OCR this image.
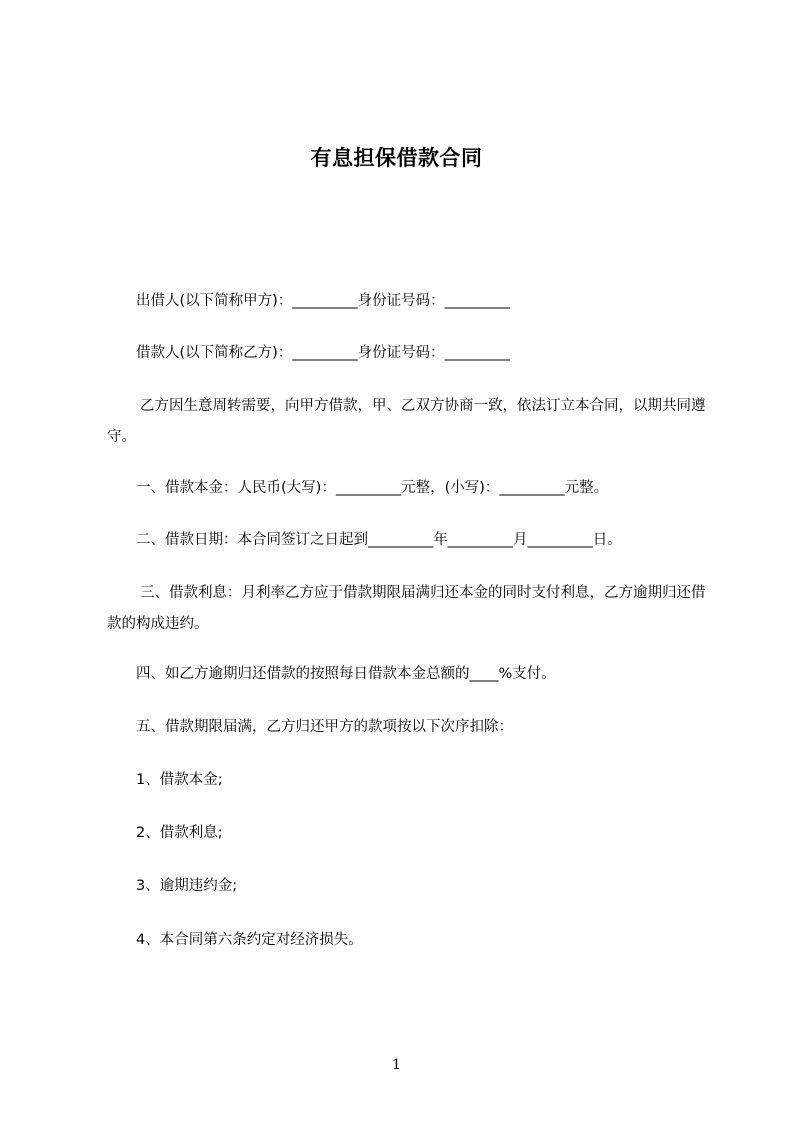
有息担保借款合同

出借人(以下简称甲方)：_________身份证号码：_________

借款人(以下简称乙方)：_________身份证号码：_________

乙方因生意周转需要，向甲方借款，甲、乙双方协商一致，依法订立本合同，以期共同遵守。

一、借款本金：人民币(大写)：_________元整，(小写)：_________元整。

二、借款日期：本合同签订之日起到_________年_________月_________日。

三、借款利息：月利率乙方应于借款期限届满归还本金的同时支付利息，乙方逾期归还借款的构成违约。

四、如乙方逾期归还借款的按照每日借款本金总额的____%支付。

五、借款期限届满，乙方归还甲方的款项按以下次序扣除：

1、借款本金;

2、借款利息;

3、逾期违约金;

4、本合同第六条约定对经济损失。

1
